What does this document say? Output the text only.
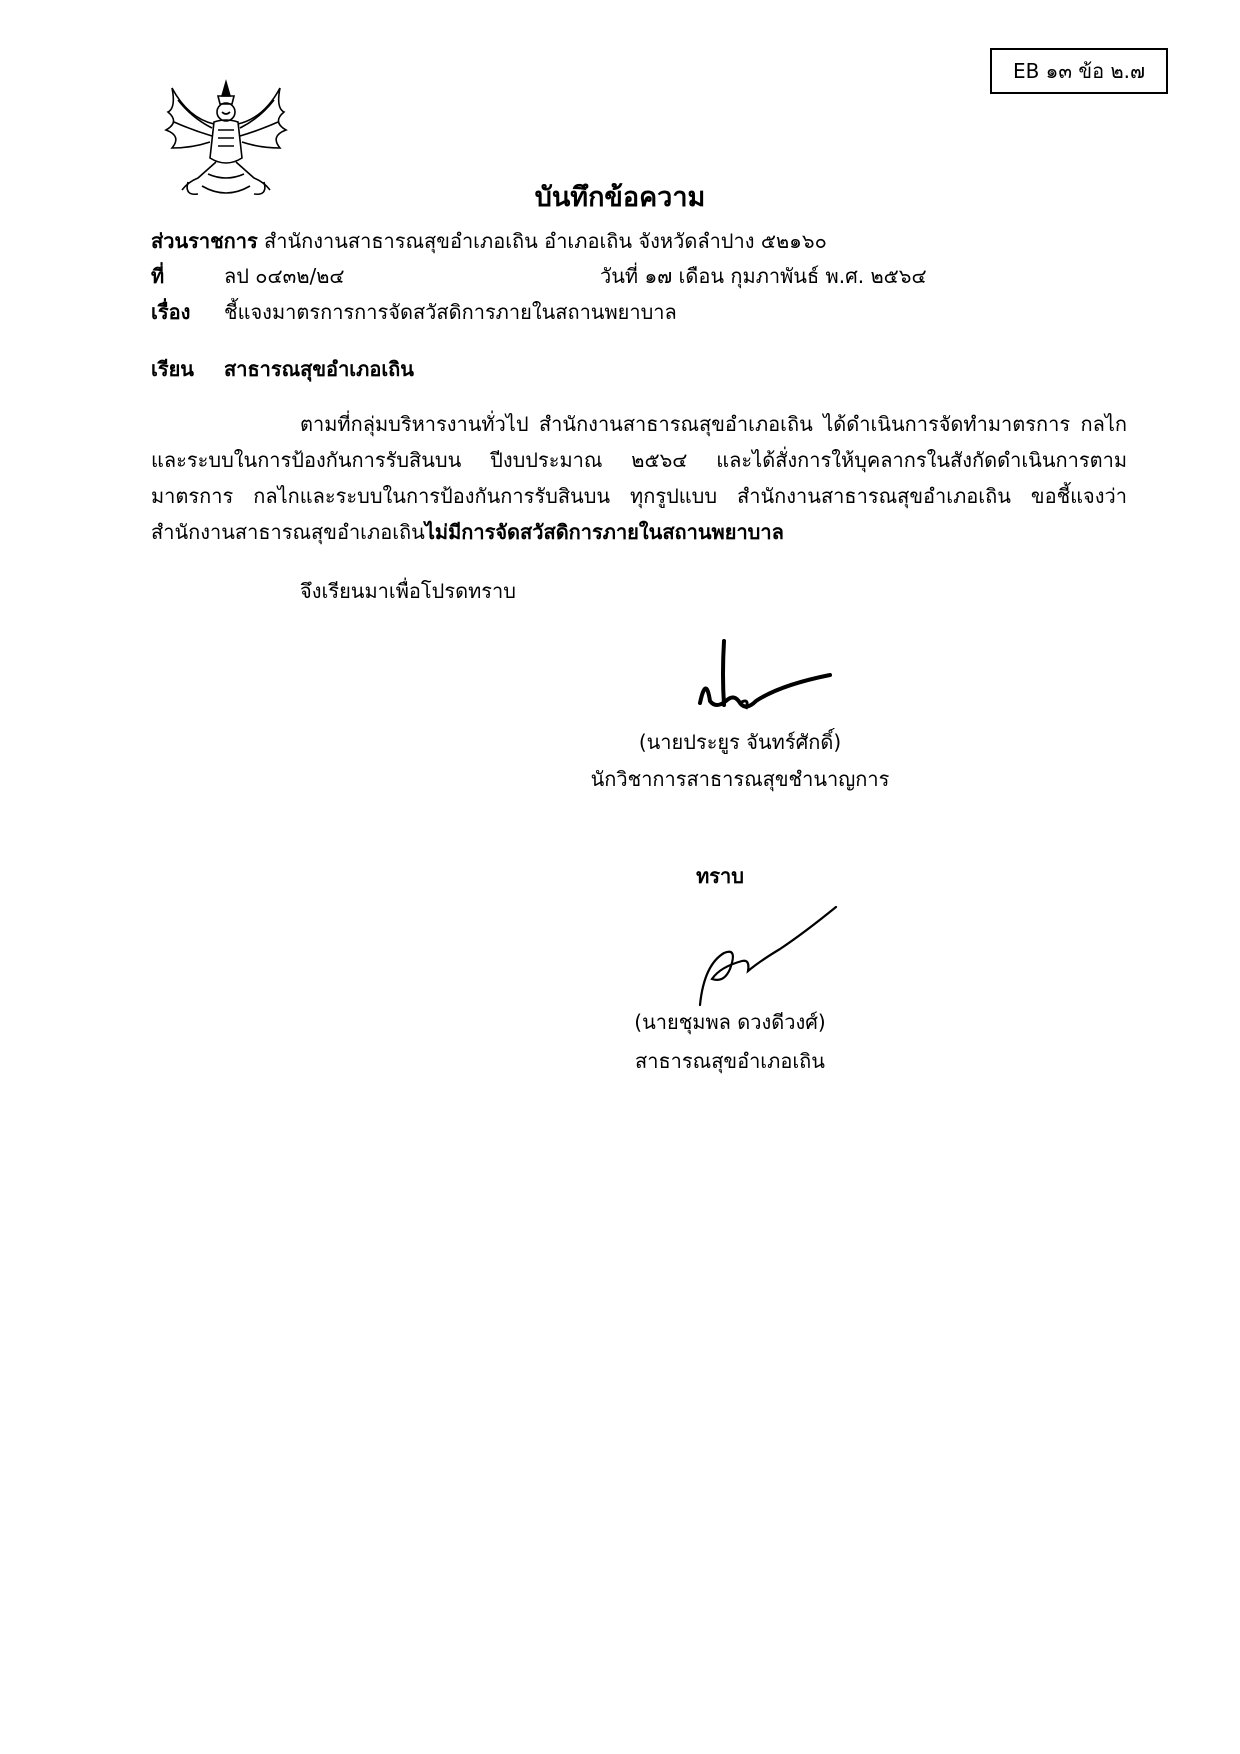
EB ๑๓ ข้อ ๒.๗
บันทึกข้อความ
ส่วนราชการ สำนักงานสาธารณสุขอำเภอเถิน อำเภอเถิน จังหวัดลำปาง ๕๒๑๖๐
ที่	ลป ๐๔๓๒/๒๔	วันที่ ๑๗ เดือน กุมภาพันธ์ พ.ศ. ๒๕๖๔
เรื่อง ชี้แจงมาตรการการจัดสวัสดิการภายในสถานพยาบาล
เรียน สาธารณสุขอำเภอเถิน
ตามที่กลุ่มบริหารงานทั่วไป สำนักงานสาธารณสุขอำเภอเถิน ได้ดำเนินการจัดทำมาตรการ กลไก
และระบบในการป้องกันการรับสินบน ปีงบประมาณ ๒๕๖๔ และได้สั่งการให้บุคลากรในสังกัดดำเนินการตาม
มาตรการ กลไกและระบบในการป้องกันการรับสินบน ทุกรูปแบบ สำนักงานสาธารณสุขอำเภอเถิน ขอชี้แจงว่า
สำนักงานสาธารณสุขอำเภอเถินไม่มีการจัดสวัสดิการภายในสถานพยาบาล
จึงเรียนมาเพื่อโปรดทราบ
(นายประยูร จันทร์ศักดิ์)
นักวิชาการสาธารณสุขชำนาญการ
ทราบ
(นายชุมพล ดวงดีวงศ์)
สาธารณสุขอำเภอเถิน
